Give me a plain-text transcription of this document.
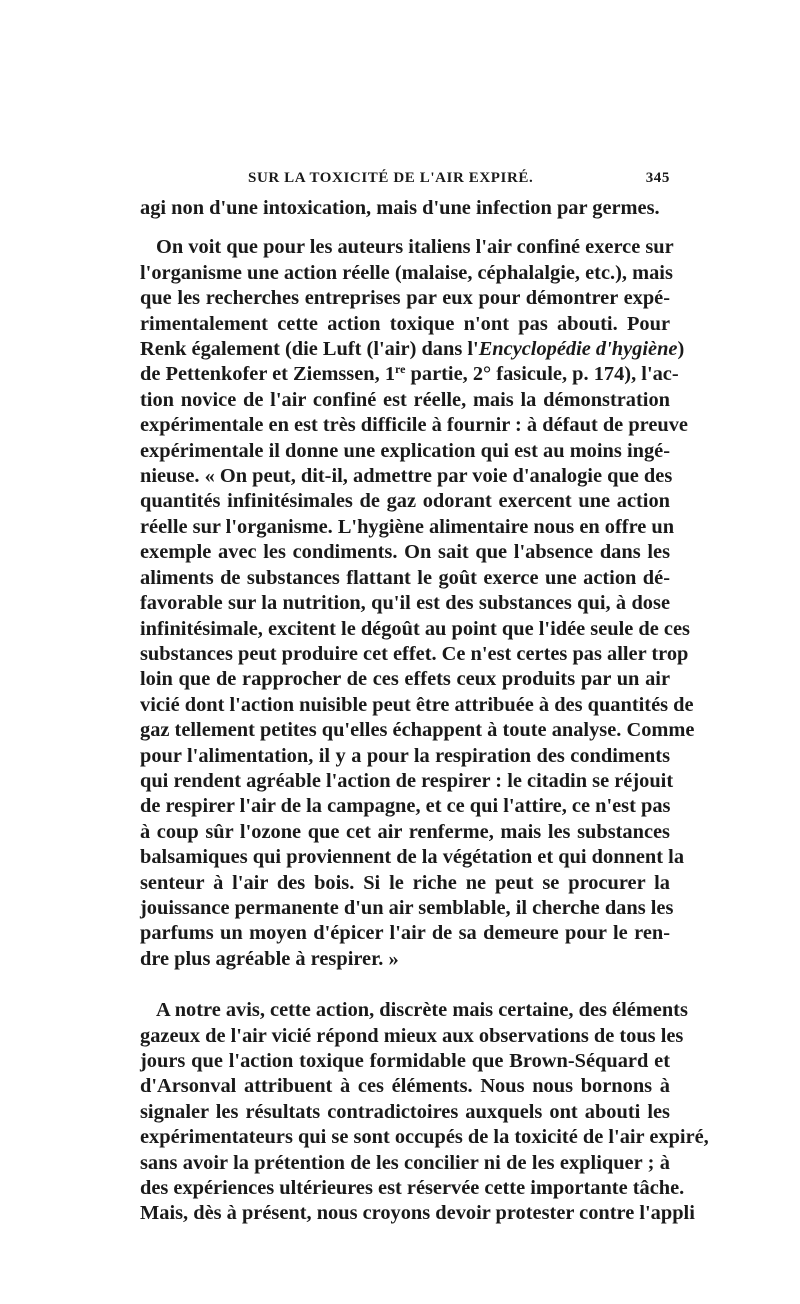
SUR LA TOXICITÉ DE L'AIR EXPIRÉ.	345

agi non d'une intoxication, mais d'une infection par germes.

On voit que pour les auteurs italiens l'air confiné exerce sur
l'organisme une action réelle (malaise, céphalalgie, etc.), mais
que les recherches entreprises par eux pour démontrer expé-
rimentalement cette action toxique n'ont pas abouti. Pour
Renk également (die Luft (l'air) dans l'Encyclopédie d'hygiène)
de Pettenkofer et Ziemssen, 1re partie, 2° fasicule, p. 174), l'ac-
tion novice de l'air confiné est réelle, mais la démonstration
expérimentale en est très difficile à fournir : à défaut de preuve
expérimentale il donne une explication qui est au moins ingé-
nieuse. « On peut, dit-il, admettre par voie d'analogie que des
quantités infinitésimales de gaz odorant exercent une action
réelle sur l'organisme. L'hygiène alimentaire nous en offre un
exemple avec les condiments. On sait que l'absence dans les
aliments de substances flattant le goût exerce une action dé-
favorable sur la nutrition, qu'il est des substances qui, à dose
infinitésimale, excitent le dégoût au point que l'idée seule de ces
substances peut produire cet effet. Ce n'est certes pas aller trop
loin que de rapprocher de ces effets ceux produits par un air
vicié dont l'action nuisible peut être attribuée à des quantités de
gaz tellement petites qu'elles échappent à toute analyse. Comme
pour l'alimentation, il y a pour la respiration des condiments
qui rendent agréable l'action de respirer : le citadin se réjouit
de respirer l'air de la campagne, et ce qui l'attire, ce n'est pas
à coup sûr l'ozone que cet air renferme, mais les substances
balsamiques qui proviennent de la végétation et qui donnent la
senteur à l'air des bois. Si le riche ne peut se procurer la
jouissance permanente d'un air semblable, il cherche dans les
parfums un moyen d'épicer l'air de sa demeure pour le ren-
dre plus agréable à respirer. »

A notre avis, cette action, discrète mais certaine, des éléments
gazeux de l'air vicié répond mieux aux observations de tous les
jours que l'action toxique formidable que Brown-Séquard et
d'Arsonval attribuent à ces éléments. Nous nous bornons à
signaler les résultats contradictoires auxquels ont abouti les
expérimentateurs qui se sont occupés de la toxicité de l'air expiré,
sans avoir la prétention de les concilier ni de les expliquer ; à
des expériences ultérieures est réservée cette importante tâche.
Mais, dès à présent, nous croyons devoir protester contre l'appli
